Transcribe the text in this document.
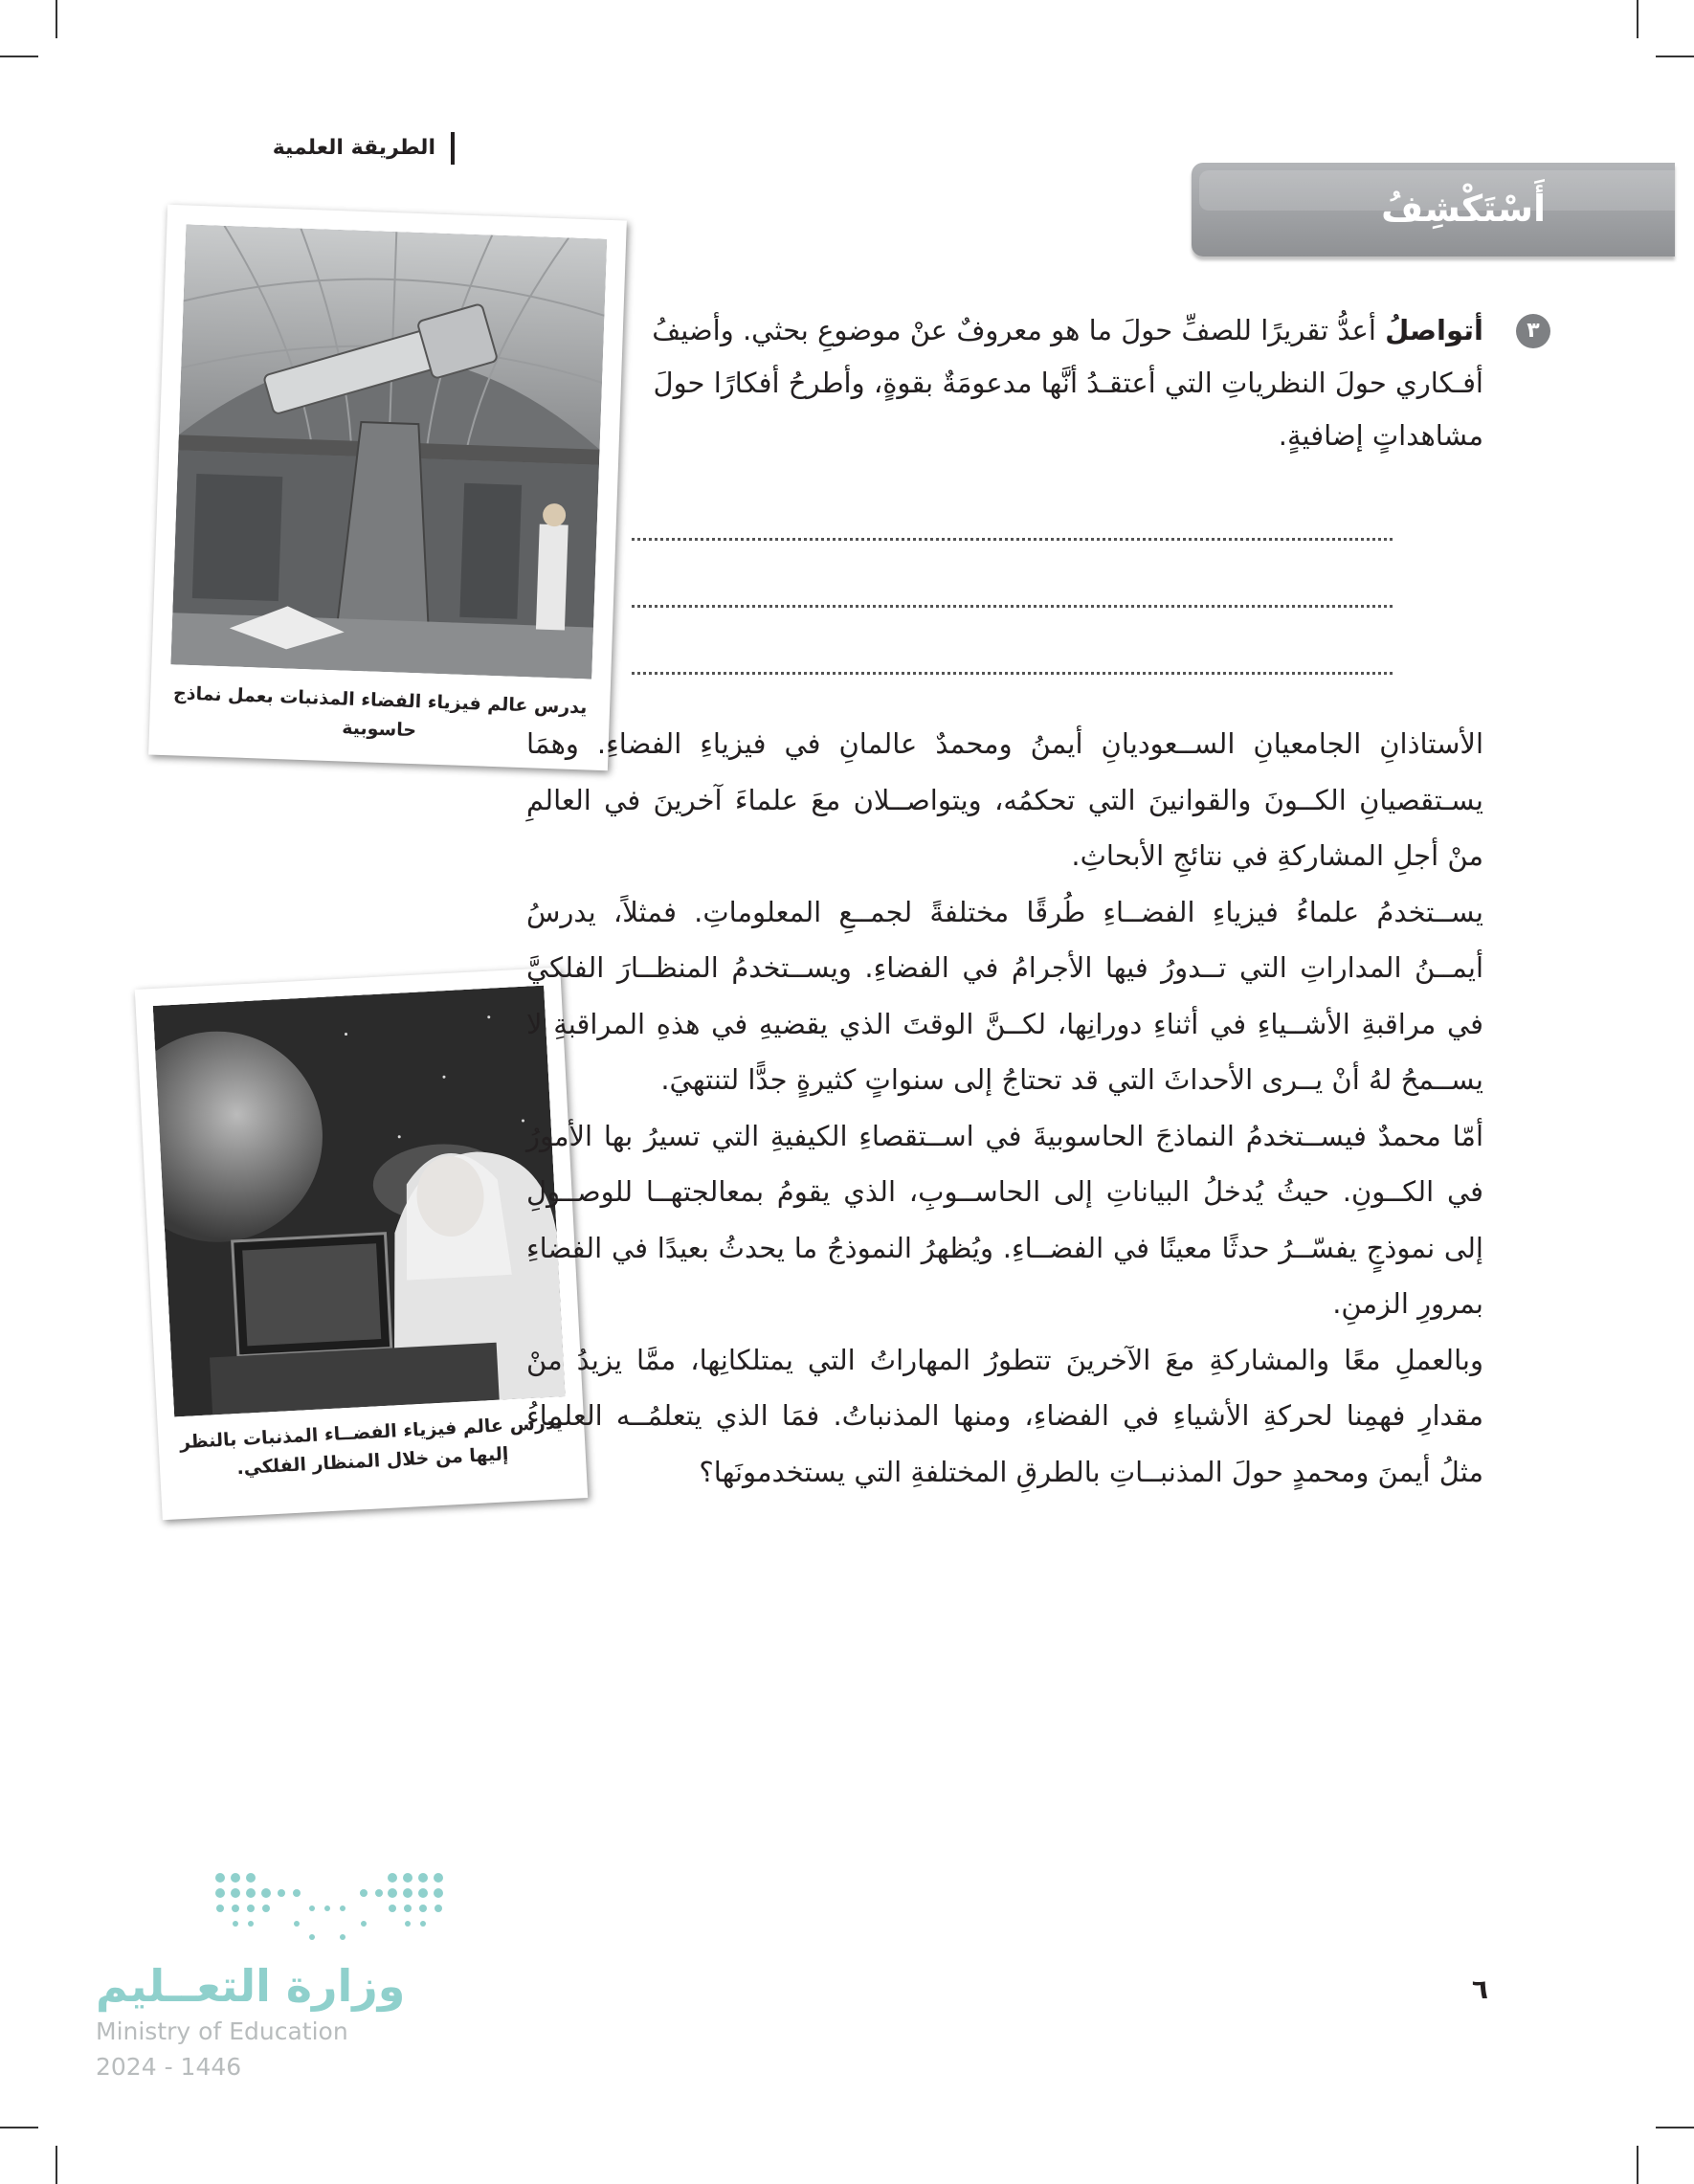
الطريقة العلمية
أَسْتَكْشِفُ
٣
أتواصلُ أعدُّ تقريرًا للصفِّ حولَ ما هو معروفٌ عنْ موضوعِ بحثي. وأضيفُ أفـكاري حولَ النظرياتِ التي أعتقـدُ أنَّها مدعومَةٌ بقوةٍ، وأطرحُ أفكارًا حولَ مشاهداتٍ إضافيةٍ.
يدرس عالم فيزياء الفضاء المذنبات بعمل نماذج حاسوبية
يدرس عالم فيزياء الفضــاء المذنبات بالنظر إليها من خلال المنظار الفلكي.

الأستاذانِ الجامعيانِ الســعوديانِ أيمنُ ومحمدٌ عالمانِ في فيزياءِ الفضاءِ. وهمَا يسـتقصيانِ الكــونَ والقوانينَ التي تحكمُه، ويتواصــلان معَ علماءَ آخرينَ في العالمِ منْ أجلِ المشاركةِ في نتائجِ الأبحاثِ.

يســتخدمُ علماءُ فيزياءِ الفضــاءِ طُرقًا مختلفةً لجمــعِ المعلوماتِ. فمثلاً، يدرسُ أيمــنُ المداراتِ التي تــدورُ فيها الأجرامُ في الفضاءِ. ويســتخدمُ المنظــارَ الفلكيَّ في مراقبةِ الأشــياءِ في أثناءِ دورانِها، لكــنَّ الوقتَ الذي يقضيهِ في هذهِ المراقبةِ لا يســمحُ لهُ أنْ يــرى الأحداثَ التي قد تحتاجُ إلى سنواتٍ كثيرةٍ جدًّا لتنتهيَ.

أمّا محمدٌ فيســتخدمُ النماذجَ الحاسوبيةَ في اســتقصاءِ الكيفيةِ التي تسيرُ بها الأمورُ في الكــونِ. حيثُ يُدخلُ البياناتِ إلى الحاســوبِ، الذي يقومُ بمعالجتهــا للوصــولِ إلى نموذجٍ يفسّــرُ حدثًا معينًا في الفضــاءِ. ويُظهرُ النموذجُ ما يحدثُ بعيدًا في الفضاءِ بمرورِ الزمنِ.

وبالعملِ معًا والمشاركةِ معَ الآخرينَ تتطورُ المهاراتُ التي يمتلكانِها، ممَّا يزيدُ منْ مقدارِ فهمِنا لحركةِ الأشياءِ في الفضاءِ، ومنها المذنباتُ. فمَا الذي يتعلمُــه العلماءُ مثلُ أيمنَ ومحمدٍ حولَ المذنبــاتِ بالطرقِ المختلفةِ التي يستخدمونَها؟

٦
وزارة التعــليم
Ministry of Education
2024 - 1446
